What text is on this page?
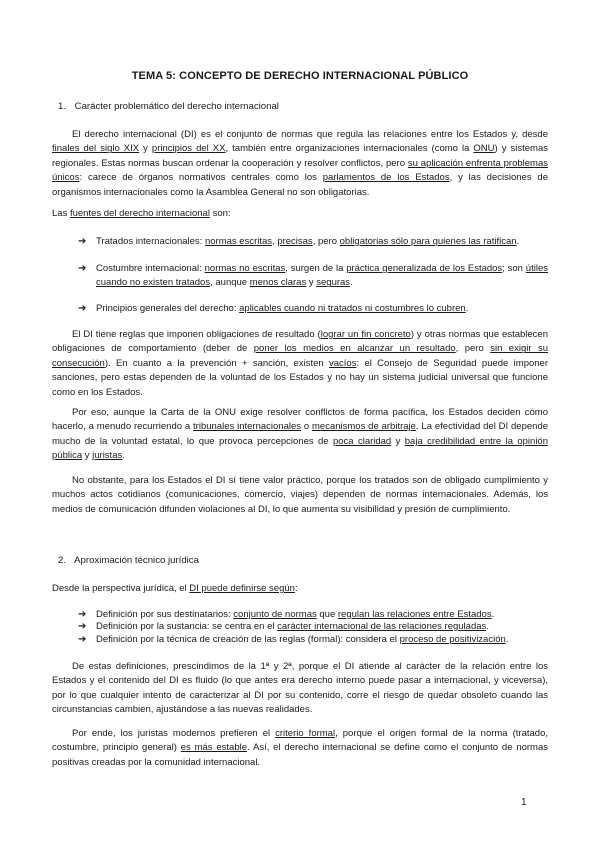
TEMA 5: CONCEPTO DE DERECHO INTERNACIONAL PÚBLICO
1. Carácter problemático del derecho internacional

El derecho internacional (DI) es el conjunto de normas que regula las relaciones entre los Estados y, desde finales del siglo XIX y principios del XX, también entre organizaciones internacionales (como la ONU) y sistemas regionales. Estas normas buscan ordenar la cooperación y resolver conflictos, pero su aplicación enfrenta problemas únicos: carece de órganos normativos centrales como los parlamentos de los Estados, y las decisiones de organismos internacionales como la Asamblea General no son obligatorias.

Las fuentes del derecho internacional son:

➔	Tratados internacionales: normas escritas, precisas, pero obligatorias sólo para quienes las ratifican.
➔	Costumbre internacional: normas no escritas, surgen de la práctica generalizada de los Estados; son útiles cuando no existen tratados, aunque menos claras y seguras.
➔	Principios generales del derecho: aplicables cuando ni tratados ni costumbres lo cubren.

El DI tiene reglas que imponen obligaciones de resultado (lograr un fin concreto) y otras normas que establecen obligaciones de comportamiento (deber de poner los medios en alcanzar un resultado, pero sin exigir su consecución). En cuanto a la prevención + sanción, existen vacíos: el Consejo de Seguridad puede imponer sanciones, pero estas dependen de la voluntad de los Estados y no hay un sistema judicial universal que funcione como en los Estados.

Por eso, aunque la Carta de la ONU exige resolver conflictos de forma pacífica, los Estados deciden cómo hacerlo, a menudo recurriendo a tribunales internacionales o mecanismos de arbitraje. La efectividad del DI depende mucho de la voluntad estatal, lo que provoca percepciones de poca claridad y baja credibilidad entre la opinión pública y juristas.

No obstante, para los Estados el DI sí tiene valor práctico, porque los tratados son de obligado cumplimiento y muchos actos cotidianos (comunicaciones, comercio, viajes) dependen de normas internacionales. Además, los medios de comunicación difunden violaciones al DI, lo que aumenta su visibilidad y presión de cumplimiento.

2. Aproximación técnico jurídica

Desde la perspectiva jurídica, el DI puede definirse según:

➔	Definición por sus destinatarios: conjunto de normas que regulan las relaciones entre Estados.
➔	Definición por la sustancia: se centra en el carácter internacional de las relaciones reguladas.
➔	Definición por la técnica de creación de las reglas (formal): considera el proceso de positivización.

De estas definiciones, prescindimos de la 1ª y 2ª, porque el DI atiende al carácter de la relación entre los Estados y el contenido del DI es fluido (lo que antes era derecho interno puede pasar a internacional, y viceversa), por lo que cualquier intento de caracterizar al DI por su contenido, corre el riesgo de quedar obsoleto cuando las circunstancias cambien, ajustándose a las nuevas realidades.

Por ende, los juristas modernos prefieren el criterio formal, porque el origen formal de la norma (tratado, costumbre, principio general) es más estable. Así, el derecho internacional se define como el conjunto de normas positivas creadas por la comunidad internacional.

1
